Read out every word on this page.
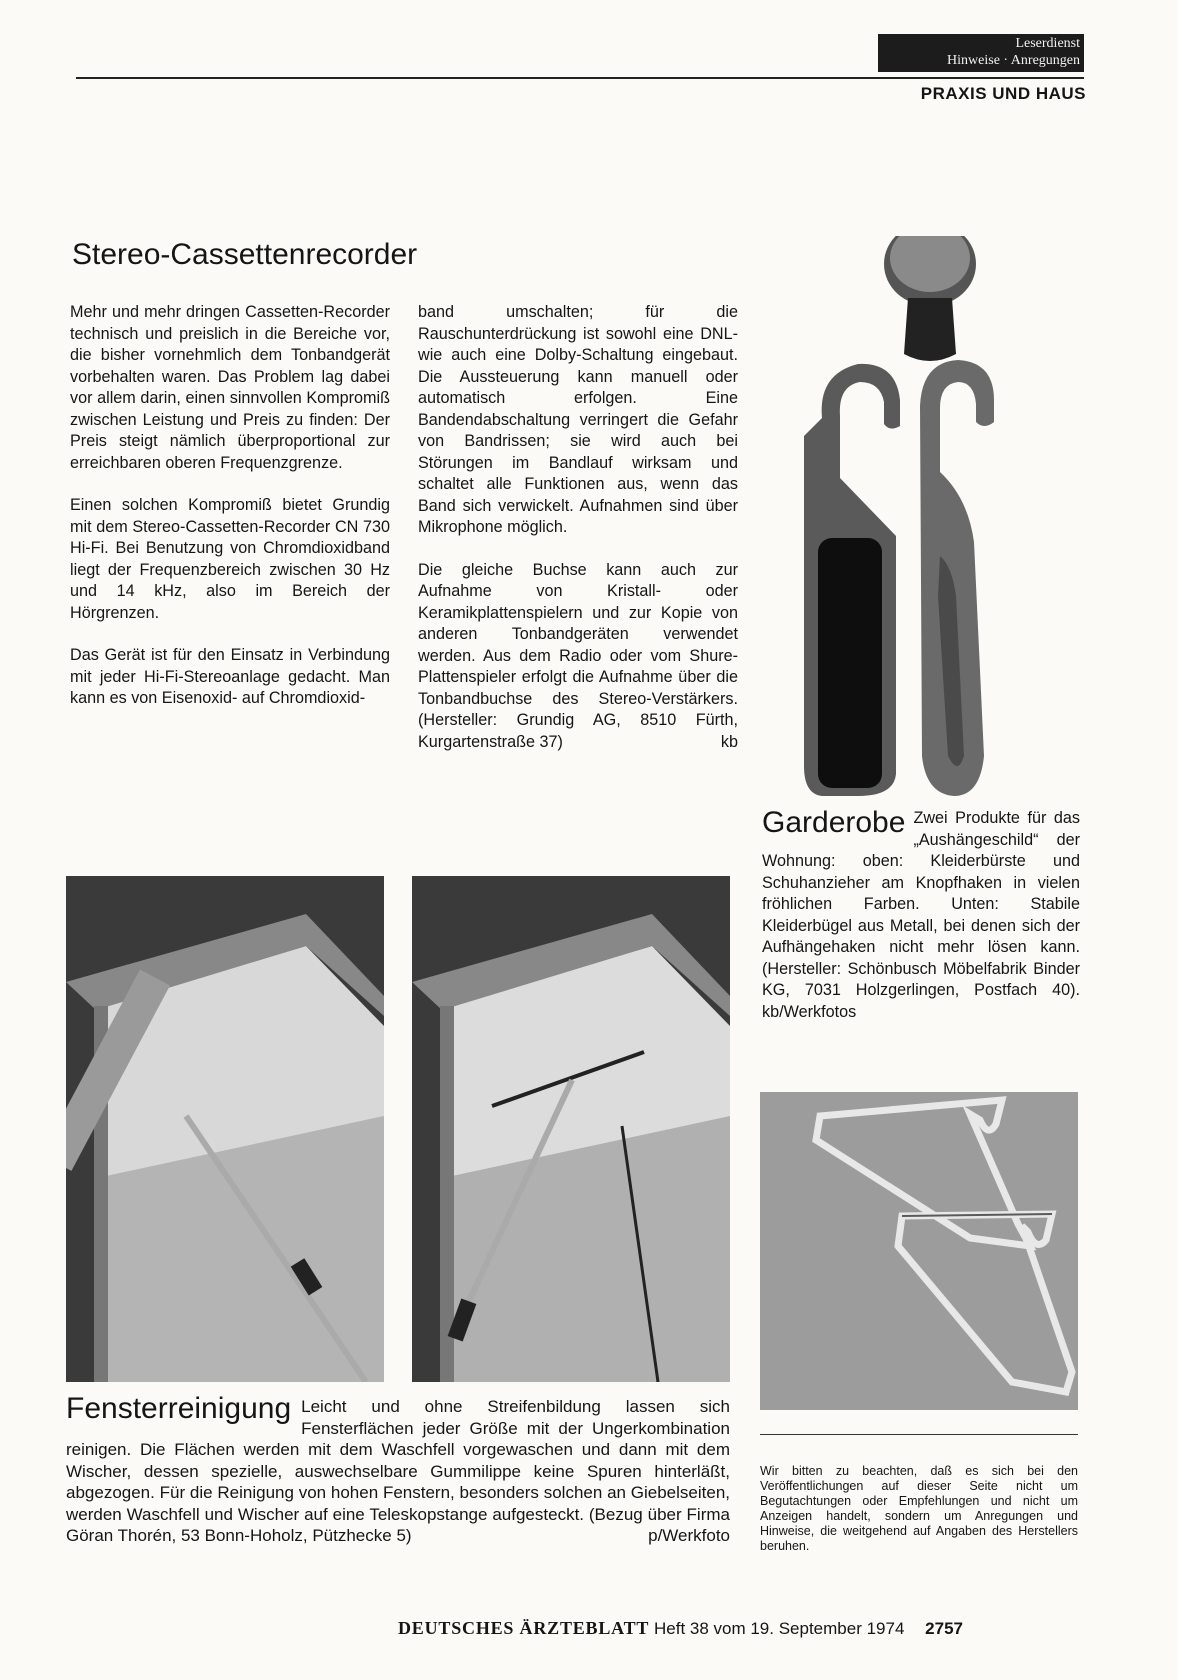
Leserdienst
Hinweise · Anregungen
PRAXIS UND HAUS
Stereo-Cassettenrecorder

Mehr und mehr dringen Cassetten-Recorder technisch und preislich in die Bereiche vor, die bisher vornehmlich dem Tonbandgerät vorbehalten waren. Das Problem lag dabei vor allem darin, einen sinnvollen Kompromiß zwischen Leistung und Preis zu finden: Der Preis steigt nämlich überproportional zur erreichbaren oberen Frequenzgrenze.

Einen solchen Kompromiß bietet Grundig mit dem Stereo-Cassetten-Recorder CN 730 Hi-Fi. Bei Benutzung von Chromdioxidband liegt der Frequenzbereich zwischen 30 Hz und 14 kHz, also im Bereich der Hörgrenzen.

Das Gerät ist für den Einsatz in Verbindung mit jeder Hi-Fi-Stereoanlage gedacht. Man kann es von Eisenoxid- auf Chromdioxid-

band umschalten; für die Rauschunterdrückung ist sowohl eine DNL- wie auch eine Dolby-Schaltung eingebaut. Die Aussteuerung kann manuell oder automatisch erfolgen. Eine Bandendabschaltung verringert die Gefahr von Bandrissen; sie wird auch bei Störungen im Bandlauf wirksam und schaltet alle Funktionen aus, wenn das Band sich verwickelt. Aufnahmen sind über Mikrophone möglich.

Die gleiche Buchse kann auch zur Aufnahme von Kristall- oder Keramikplattenspielern und zur Kopie von anderen Tonbandgeräten verwendet werden. Aus dem Radio oder vom Shure-Plattenspieler erfolgt die Aufnahme über die Tonbandbuchse des Stereo-Verstärkers. (Hersteller: Grundig AG, 8510 Fürth, Kurgartenstraße 37)	kb

Garderobe Zwei Produkte für das „Aushängeschild“ der Wohnung: oben: Kleiderbürste und Schuhanzieher am Knopfhaken in vielen fröhlichen Farben. Unten: Stabile Kleiderbügel aus Metall, bei denen sich der Aufhängehaken nicht mehr lösen kann. (Hersteller: Schönbusch Möbelfabrik Binder KG, 7031 Holzgerlingen, Postfach 40). kb/Werkfotos
Wir bitten zu beachten, daß es sich bei den Veröffentlichungen auf dieser Seite nicht um Begutachtungen oder Empfehlungen und nicht um Anzeigen handelt, sondern um Anregungen und Hinweise, die weitgehend auf Angaben des Herstellers beruhen.
Fensterreinigung Leicht und ohne Streifenbildung lassen sich Fensterflächen jeder Größe mit der Ungerkombination reinigen. Die Flächen werden mit dem Waschfell vorgewaschen und dann mit dem Wischer, dessen spezielle, auswechselbare Gummilippe keine Spuren hinterläßt, abgezogen. Für die Reinigung von hohen Fenstern, besonders solchen an Giebelseiten, werden Waschfell und Wischer auf eine Teleskopstange aufgesteckt. (Bezug über Firma Göran Thorén, 53 Bonn-Hoholz, Pützhecke 5)	p/Werkfoto
DEUTSCHES ÄRZTEBLATT Heft 38 vom 19. September 1974 2757
